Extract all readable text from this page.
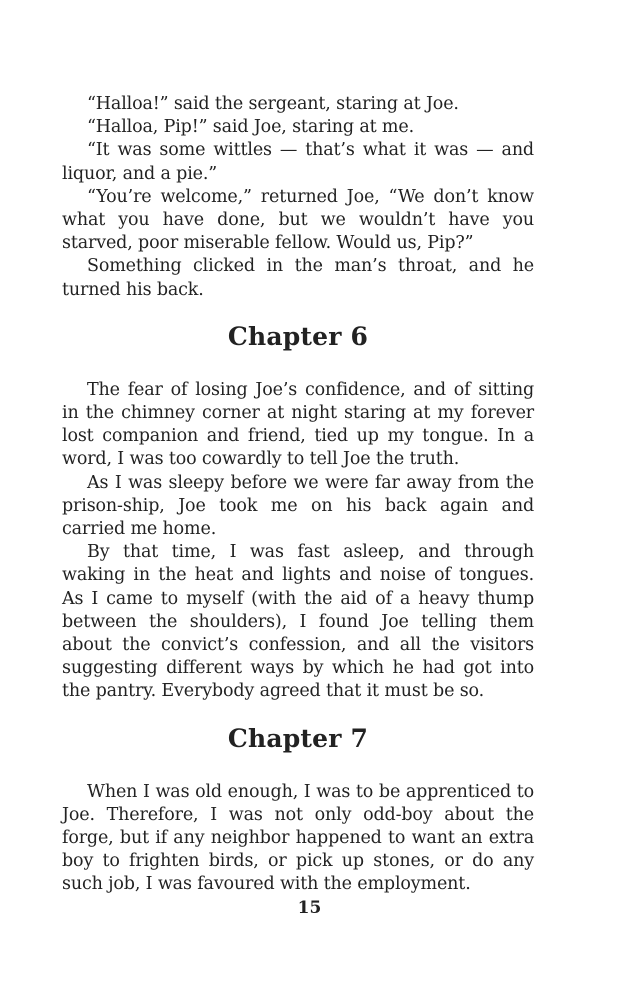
“Halloa!” said the sergeant, staring at Joe.

“Halloa, Pip!” said Joe, staring at me.

“It was some wittles — that’s what it was — and liquor, and a pie.”

“You’re welcome,” returned Joe, “We don’t know what you have done, but we wouldn’t have you starved, poor miserable fellow. Would us, Pip?”

Something clicked in the man’s throat, and he turned his back.

Chapter 6

The fear of losing Joe’s confidence, and of sitting in the chimney corner at night staring at my forever lost companion and friend, tied up my tongue. In a word, I was too cowardly to tell Joe the truth.

As I was sleepy before we were far away from the prison-ship, Joe took me on his back again and carried me home.

By that time, I was fast asleep, and through waking in the heat and lights and noise of tongues. As I came to myself (with the aid of a heavy thump between the shoulders), I found Joe telling them about the convict’s confession, and all the visitors suggesting different ways by which he had got into the pantry. Everybody agreed that it must be so.

Chapter 7

When I was old enough, I was to be apprenticed to Joe. Therefore, I was not only odd-boy about the forge, but if any neighbor happened to want an extra boy to frighten birds, or pick up stones, or do any such job, I was favoured with the employment.

15
